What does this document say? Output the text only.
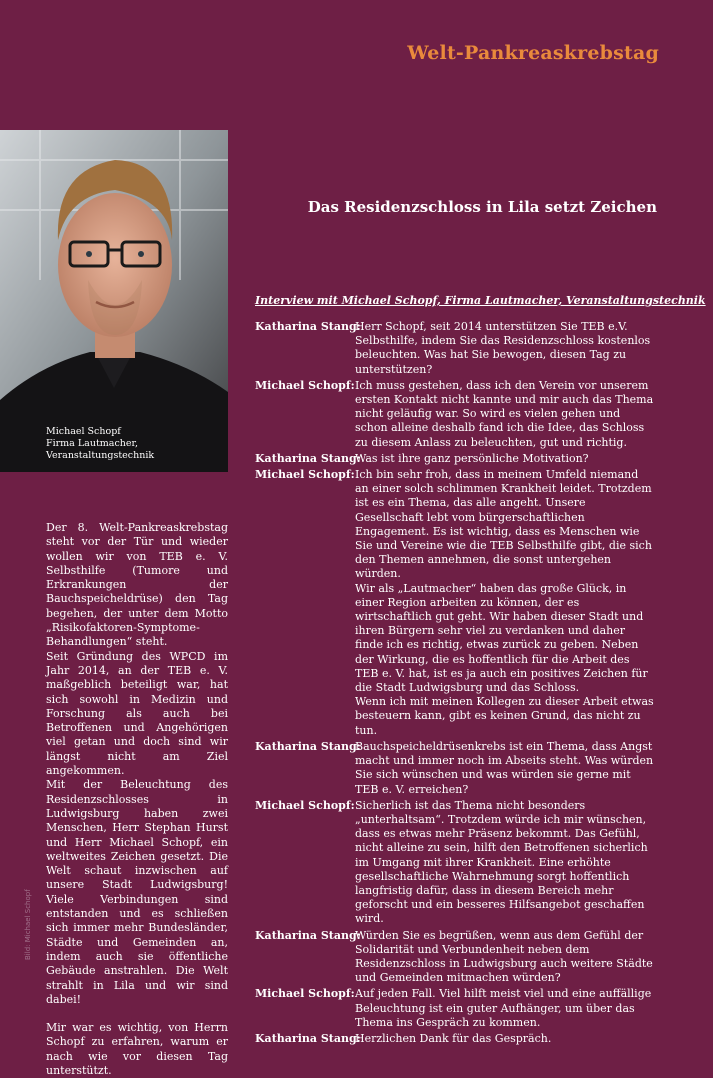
Welt-Pankreaskrebstag
Michael Schopf
Firma Lautmacher,
Veranstaltungstechnik
Das Residenzschloss in Lila setzt Zeichen
Interview mit Michael Schopf, Firma Lautmacher, Veranstaltungstechnik

Der 8. Welt-Pankreaskrebstag steht vor der Tür und wieder wollen wir von TEB e. V. Selbsthilfe (Tumore und Erkrankungen der Bauchspeicheldrüse) den Tag begehen, der unter dem Motto „Risikofaktoren-Symptome-Behandlungen“ steht.

Seit Gründung des WPCD im Jahr 2014, an der TEB e. V. maßgeblich beteiligt war, hat sich sowohl in Medizin und Forschung als auch bei Betroffenen und Angehörigen viel getan und doch sind wir längst nicht am Ziel angekommen.

Mit der Beleuchtung des Residenzschlosses in Ludwigsburg haben zwei Menschen, Herr Stephan Hurst und Herr Michael Schopf, ein weltweites Zeichen gesetzt. Die Welt schaut inzwischen auf unsere Stadt Ludwigsburg! Viele Verbindungen sind entstanden und es schließen sich immer mehr Bundesländer, Städte und Gemeinden an, indem auch sie öffentliche Gebäude anstrahlen. Die Welt strahlt in Lila und wir sind dabei!

Mir war es wichtig, von Herrn Schopf zu erfahren, warum er nach wie vor diesen Tag unterstützt.

Bild: Michael Schopf
Katharina Stang:

Herr Schopf, seit 2014 unterstützen Sie TEB e.V. Selbsthilfe, indem Sie das Residenzschloss kostenlos beleuchten. Was hat Sie bewogen, diesen Tag zu unterstützen?

Michael Schopf: Ich muss gestehen, dass ich den Verein vor unserem ersten Kontakt nicht kannte und mir auch das Thema nicht geläufig war. So wird es vielen gehen und schon alleine deshalb fand ich die Idee, das Schloss zu diesem Anlass zu beleuchten, gut und richtig.

Katharina Stang:

Was ist ihre ganz persönliche Motivation?

Michael Schopf: Ich bin sehr froh, dass in meinem Umfeld niemand an einer solch schlimmen Krankheit leidet. Trotzdem ist es ein Thema, das alle angeht. Unsere Gesellschaft lebt vom bürgerschaftlichen Engagement. Es ist wichtig, dass es Menschen wie Sie und Vereine wie die TEB Selbsthilfe gibt, die sich den Themen annehmen, die sonst untergehen würden.

Wir als „Lautmacher“ haben das große Glück, in einer Region arbeiten zu können, der es wirtschaftlich gut geht. Wir haben dieser Stadt und ihren Bürgern sehr viel zu verdanken und daher finde ich es richtig, etwas zurück zu geben. Neben der Wirkung, die es hoffentlich für die Arbeit des TEB e. V. hat, ist es ja auch ein positives Zeichen für die Stadt Ludwigsburg und das Schloss.

Wenn ich mit meinen Kollegen zu dieser Arbeit etwas besteuern kann, gibt es keinen Grund, das nicht zu tun.

Katharina Stang:

Bauchspeicheldrüsenkrebs ist ein Thema, dass Angst macht und immer noch im Abseits steht. Was würden Sie sich wünschen und was würden sie gerne mit TEB e. V. erreichen?

Michael Schopf: Sicherlich ist das Thema nicht besonders „unterhaltsam“. Trotzdem würde ich mir wünschen, dass es etwas mehr Präsenz bekommt. Das Gefühl, nicht alleine zu sein, hilft den Betroffenen sicherlich im Umgang mit ihrer Krankheit. Eine erhöhte gesellschaftliche Wahrnehmung sorgt hoffentlich langfristig dafür, dass in diesem Bereich mehr geforscht und ein besseres Hilfsangebot geschaffen wird.

Katharina Stang:

Würden Sie es begrüßen, wenn aus dem Gefühl der Solidarität und Verbundenheit neben dem Residenzschloss in Ludwigsburg auch weitere Städte und Gemeinden mitmachen würden?

Michael Schopf: Auf jeden Fall. Viel hilft meist viel und eine auffällige Beleuchtung ist ein guter Aufhänger, um über das Thema ins Gespräch zu kommen.

Katharina Stang:

Herzlichen Dank für das Gespräch.
